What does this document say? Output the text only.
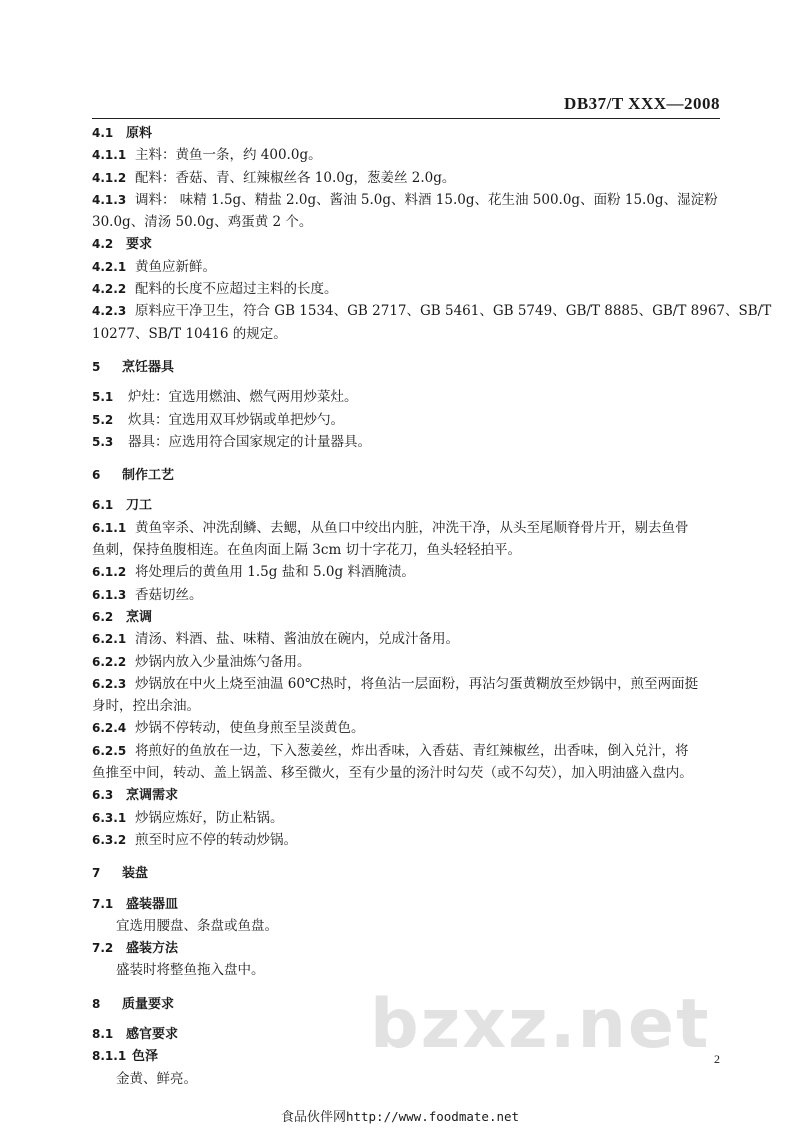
DB37/T XXX—2008
4.1 原料
4.1.1 主料：黄鱼一条，约 400.0g。
4.1.2 配料：香菇、青、红辣椒丝各 10.0g，葱姜丝 2.0g。
4.1.3 调料： 味精 1.5g、精盐 2.0g、酱油 5.0g、料酒 15.0g、花生油 500.0g、面粉 15.0g、湿淀粉
30.0g、清汤 50.0g、鸡蛋黄 2 个。
4.2 要求
4.2.1 黄鱼应新鲜。
4.2.2 配料的长度不应超过主料的长度。
4.2.3 原料应干净卫生，符合 GB 1534、GB 2717、GB 5461、GB 5749、GB/T 8885、GB/T 8967、SB/T
10277、SB/T 10416 的规定。
5 烹饪器具
5.1 炉灶：宜选用燃油、燃气两用炒菜灶。
5.2 炊具：宜选用双耳炒锅或单把炒勺。
5.3 器具：应选用符合国家规定的计量器具。
6 制作工艺
6.1 刀工
6.1.1 黄鱼宰杀、冲洗刮鳞、去鳃，从鱼口中绞出内脏，冲洗干净，从头至尾顺脊骨片开，剔去鱼骨
鱼刺，保持鱼腹相连。在鱼肉面上隔 3cm 切十字花刀，鱼头轻轻拍平。
6.1.2 将处理后的黄鱼用 1.5g 盐和 5.0g 料酒腌渍。
6.1.3 香菇切丝。
6.2 烹调
6.2.1 清汤、料酒、盐、味精、酱油放在碗内，兑成汁备用。
6.2.2 炒锅内放入少量油炼勺备用。
6.2.3 炒锅放在中火上烧至油温 60℃热时，将鱼沾一层面粉，再沾匀蛋黄糊放至炒锅中，煎至两面挺
身时，控出余油。
6.2.4 炒锅不停转动，使鱼身煎至呈淡黄色。
6.2.5 将煎好的鱼放在一边，下入葱姜丝，炸出香味，入香菇、青红辣椒丝，出香味，倒入兑汁，将
鱼推至中间，转动、盖上锅盖、移至微火，至有少量的汤汁时勾芡（或不勾芡），加入明油盛入盘内。
6.3 烹调需求
6.3.1 炒锅应炼好，防止粘锅。
6.3.2 煎至时应不停的转动炒锅。
7 装盘
7.1 盛装器皿
宜选用腰盘、条盘或鱼盘。
7.2 盛装方法
盛装时将整鱼拖入盘中。
8 质量要求
8.1 感官要求
8.1.1 色泽
金黄、鲜亮。
bzxz.net 2
食品伙伴网http://www.foodmate.net
